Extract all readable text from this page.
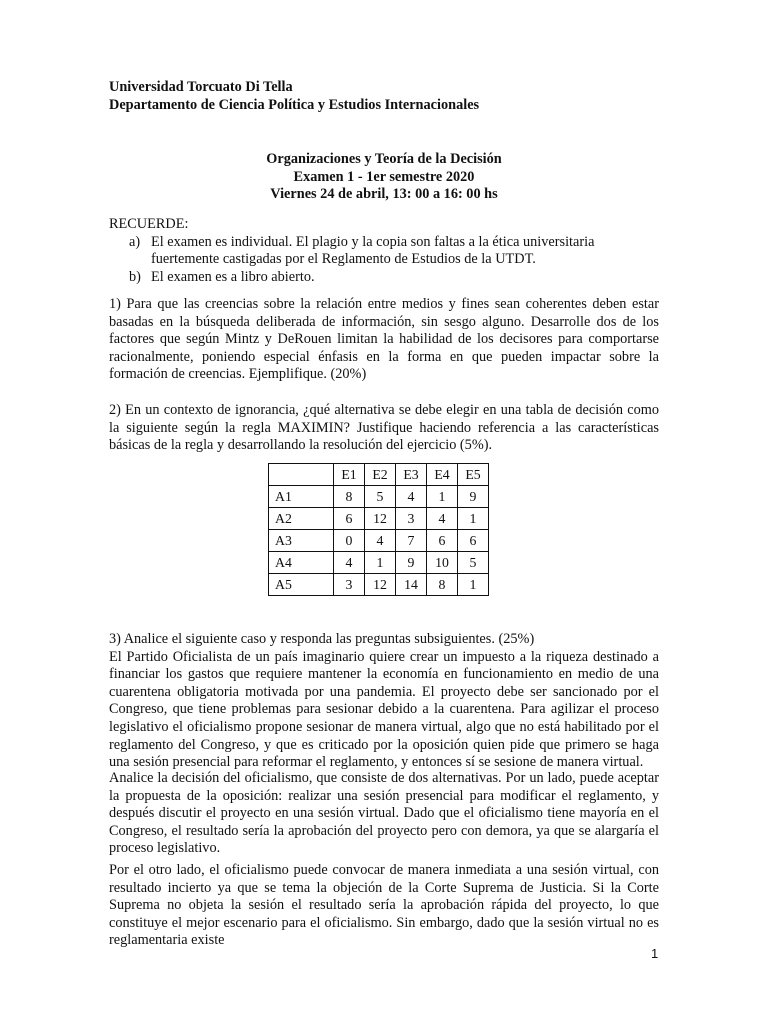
Universidad Torcuato Di Tella
Departamento de Ciencia Política y Estudios Internacionales
Organizaciones y Teoría de la Decisión
Examen 1 - 1er semestre 2020
Viernes 24 de abril, 13: 00 a 16: 00 hs
RECUERDE:
a) El examen es individual. El plagio y la copia son faltas a la ética universitaria fuertemente castigadas por el Reglamento de Estudios de la UTDT.
b) El examen es a libro abierto.

1) Para que las creencias sobre la relación entre medios y fines sean coherentes deben estar basadas en la búsqueda deliberada de información, sin sesgo alguno. Desarrolle dos de los factores que según Mintz y DeRouen limitan la habilidad de los decisores para comportarse racionalmente, poniendo especial énfasis en la forma en que pueden impactar sobre la formación de creencias. Ejemplifique. (20%)

2) En un contexto de ignorancia, ¿qué alternativa se debe elegir en una tabla de decisión como la siguiente según la regla MAXIMIN? Justifique haciendo referencia a las características básicas de la regla y desarrollando la resolución del ejercicio (5%).

	E1	E2	E3	E4	E5
A1	8	5	4	1	9
A2	6	12	3	4	1
A3	0	4	7	6	6
A4	4	1	9	10	5
A5	3	12	14	8	1

3) Analice el siguiente caso y responda las preguntas subsiguientes. (25%)

El Partido Oficialista de un país imaginario quiere crear un impuesto a la riqueza destinado a financiar los gastos que requiere mantener la economía en funcionamiento en medio de una cuarentena obligatoria motivada por una pandemia. El proyecto debe ser sancionado por el Congreso, que tiene problemas para sesionar debido a la cuarentena. Para agilizar el proceso legislativo el oficialismo propone sesionar de manera virtual, algo que no está habilitado por el reglamento del Congreso, y que es criticado por la oposición quien pide que primero se haga una sesión presencial para reformar el reglamento, y entonces sí se sesione de manera virtual.

Analice la decisión del oficialismo, que consiste de dos alternativas. Por un lado, puede aceptar la propuesta de la oposición: realizar una sesión presencial para modificar el reglamento, y después discutir el proyecto en una sesión virtual. Dado que el oficialismo tiene mayoría en el Congreso, el resultado sería la aprobación del proyecto pero con demora, ya que se alargaría el proceso legislativo.

Por el otro lado, el oficialismo puede convocar de manera inmediata a una sesión virtual, con resultado incierto ya que se tema la objeción de la Corte Suprema de Justicia. Si la Corte Suprema no objeta la sesión el resultado sería la aprobación rápida del proyecto, lo que constituye el mejor escenario para el oficialismo. Sin embargo, dado que la sesión virtual no es reglamentaria existe

1
